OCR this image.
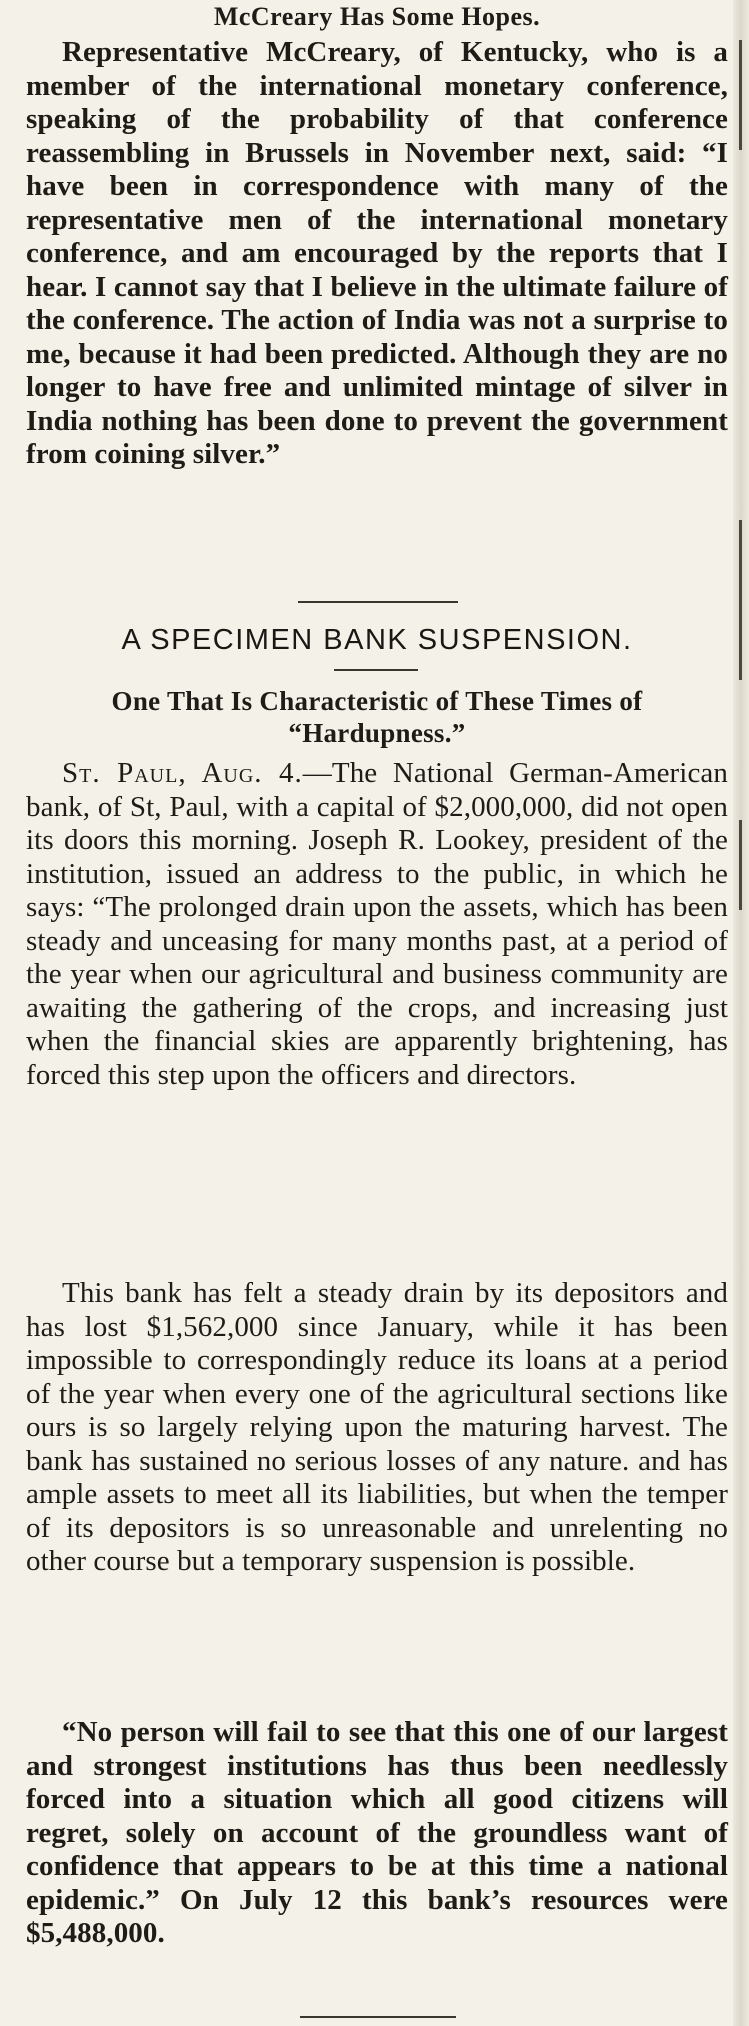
McCreary Has Some Hopes.
Representative McCreary, of Kentucky, who is a member of the international monetary conference, speaking of the probability of that conference reassembling in Brussels in November next, said: “I have been in correspondence with many of the representative men of the international monetary conference, and am encouraged by the reports that I hear. I cannot say that I believe in the ultimate failure of the conference. The action of India was not a surprise to me, because it had been predicted. Although they are no longer to have free and unlimited mintage of silver in India nothing has been done to prevent the government from coining silver.”
A SPECIMEN BANK SUSPENSION.
One That Is Characteristic of These Times of “Hardupness.”
St. Paul, Aug. 4.—The National German-American bank, of St, Paul, with a capital of $2,000,000, did not open its doors this morning. Joseph R. Lookey, president of the institution, issued an address to the public, in which he says: “The prolonged drain upon the assets, which has been steady and unceasing for many months past, at a period of the year when our agricultural and business community are awaiting the gathering of the crops, and increasing just when the financial skies are apparently brightening, has forced this step upon the officers and directors.
This bank has felt a steady drain by its depositors and has lost $1,562,000 since January, while it has been impossible to correspondingly reduce its loans at a period of the year when every one of the agricultural sections like ours is so largely relying upon the maturing harvest. The bank has sustained no serious losses of any nature. and has ample assets to meet all its liabilities, but when the temper of its depositors is so unreasonable and unrelenting no other course but a temporary suspension is possible.
“No person will fail to see that this one of our largest and strongest institutions has thus been needlessly forced into a situation which all good citizens will regret, solely on account of the groundless want of confidence that appears to be at this time a national epidemic.” On July 12 this bank’s resources were $5,488,000.
